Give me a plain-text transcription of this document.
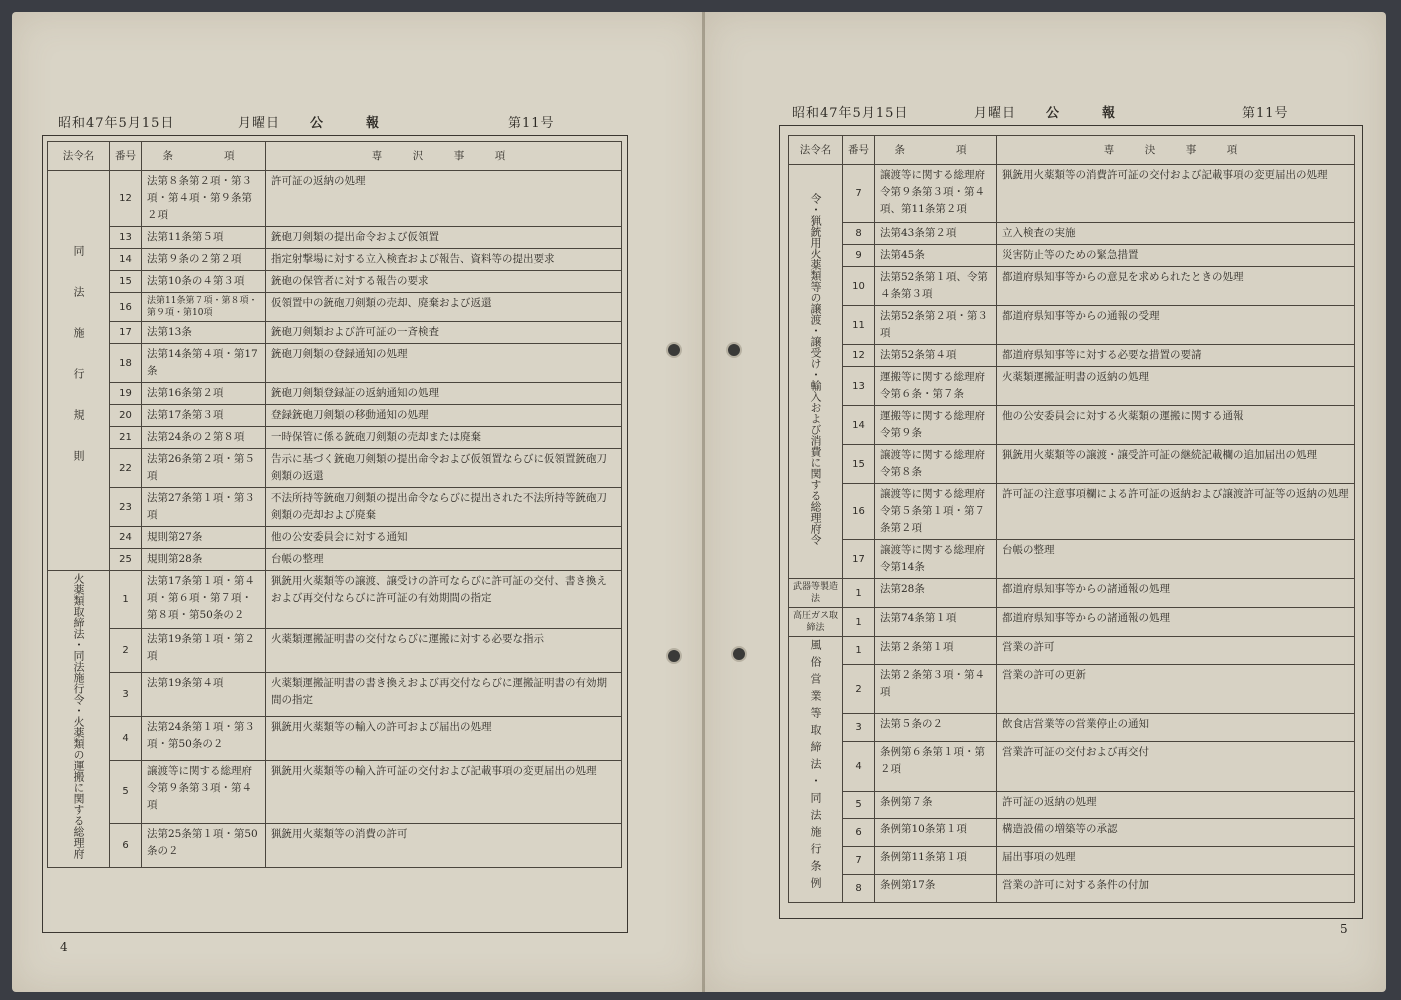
昭和47年5月15日	月曜日 公　　　報	第11号
法令名	番号	条　　項	専　沢　事　項
同法施行規則	12	法第８条第２項・第３項・第４項・第９条第２項	許可証の返納の処理
	13	法第11条第５項	銃砲刀剣類の提出命令および仮領置
	14	法第９条の２第２項	指定射撃場に対する立入検査および報告、資料等の提出要求
	15	法第10条の４第３項	銃砲の保管者に対する報告の要求
	16	法第11条第７項・第８項・第９項・第10項	仮領置中の銃砲刀剣類の売却、廃棄および返還
	17	法第13条	銃砲刀剣類および許可証の一斉検査
	18	法第14条第４項・第17条	銃砲刀剣類の登録通知の処理
	19	法第16条第２項	銃砲刀剣類登録証の返納通知の処理
	20	法第17条第３項	登録銃砲刀剣類の移動通知の処理
	21	法第24条の２第８項	一時保管に係る銃砲刀剣類の売却または廃棄
	22	法第26条第２項・第５項	告示に基づく銃砲刀剣類の提出命令および仮領置ならびに仮領置銃砲刀剣類の返還
	23	法第27条第１項・第３項	不法所持等銃砲刀剣類の提出命令ならびに提出された不法所持等銃砲刀剣類の売却および廃棄
	24	規則第27条	他の公安委員会に対する通知
	25	規則第28条	台帳の整理
火薬類取締法・同法施行令・火薬類の運搬に関する総理府	1	法第17条第１項・第４項・第６項・第７項・第８項・第50条の２	猟銃用火薬類等の譲渡、譲受けの許可ならびに許可証の交付、書き換えおよび再交付ならびに許可証の有効期間の指定
	2	法第19条第１項・第２項	火薬類運搬証明書の交付ならびに運搬に対する必要な指示
	3	法第19条第４項	火薬類運搬証明書の書き換えおよび再交付ならびに運搬証明書の有効期間の指定
	4	法第24条第１項・第３項・第50条の２	猟銃用火薬類等の輸入の許可および届出の処理
	5	譲渡等に関する総理府令第９条第３項・第４項	猟銃用火薬類等の輸入許可証の交付および記載事項の変更届出の処理
	6	法第25条第１項・第50条の２	猟銃用火薬類等の消費の許可
4
昭和47年5月15日	月曜日 公　　　報	第11号
法令名	番号	条　　項	専　決　事　項
令・猟銃用火薬類等の譲渡・譲受け・輸入および消費に関する総理府令	7	譲渡等に関する総理府令第９条第３項・第４項、第11条第２項	猟銃用火薬類等の消費許可証の交付および記載事項の変更届出の処理
	8	法第43条第２項	立入検査の実施
	9	法第45条	災害防止等のための緊急措置
	10	法第52条第１項、令第４条第３項	都道府県知事等からの意見を求められたときの処理
	11	法第52条第２項・第３項	都道府県知事等からの通報の受理
	12	法第52条第４項	都道府県知事等に対する必要な措置の要請
	13	運搬等に関する総理府令第６条・第７条	火薬類運搬証明書の返納の処理
	14	運搬等に関する総理府令第９条	他の公安委員会に対する火薬類の運搬に関する通報
	15	譲渡等に関する総理府令第８条	猟銃用火薬類等の譲渡・譲受許可証の継続記載欄の追加届出の処理
	16	譲渡等に関する総理府令第５条第１項・第７条第２項	許可証の注意事項欄による許可証の返納および譲渡許可証等の返納の処理
	17	譲渡等に関する総理府令第14条	台帳の整理
武器等製造法	1	法第28条	都道府県知事等からの諸通報の処理
高圧ガス取締法	1	法第74条第１項	都道府県知事等からの諸通報の処理
風俗営業等取締法・同法施行条例	1	法第２条第１項	営業の許可
	2	法第２条第３項・第４項	営業の許可の更新
	3	法第５条の２	飲食店営業等の営業停止の通知
	4	条例第６条第１項・第２項	営業許可証の交付および再交付
	5	条例第７条	許可証の返納の処理
	6	条例第10条第１項	構造設備の増築等の承認
	7	条例第11条第１項	届出事項の処理
	8	条例第17条	営業の許可に対する条件の付加
5
